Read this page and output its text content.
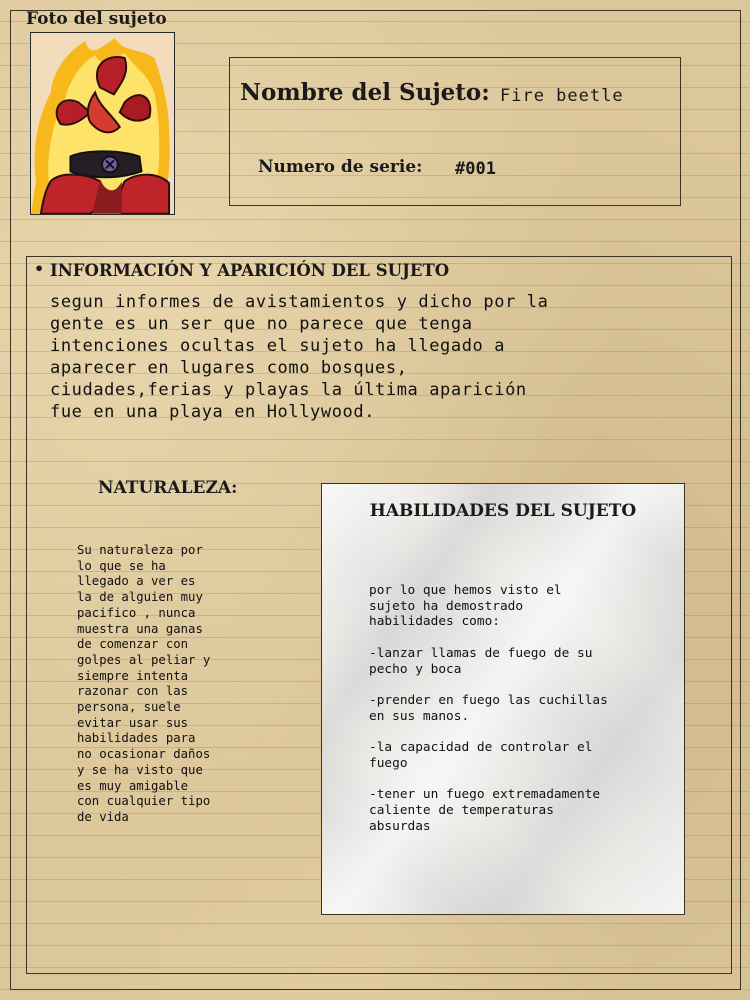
Foto del sujeto
Nombre del Sujeto: Fire beetle
Numero de serie: #001
• INFORMACIÓN Y APARICIÓN DEL SUJETO
segun informes de avistamientos y dicho por la
gente es un ser que no parece que tenga
intenciones ocultas el sujeto ha llegado a
aparecer en lugares como bosques,
ciudades,ferias y playas la última aparición
fue en una playa en Hollywood.
NATURALEZA:
Su naturaleza por
lo que se ha
llegado a ver es
la de alguien muy
pacifico , nunca
muestra una ganas
de comenzar con
golpes al peliar y
siempre intenta
razonar con las
persona, suele
evitar usar sus
habilidades para
no ocasionar daños
y se ha visto que
es muy amigable
con cualquier tipo
de vida
HABILIDADES DEL SUJETO
por lo que hemos visto el
sujeto ha demostrado
habilidades como:

-lanzar llamas de fuego de su
pecho y boca

-prender en fuego las cuchillas
en sus manos.

-la capacidad de controlar el
fuego

-tener un fuego extremadamente
caliente de temperaturas
absurdas
